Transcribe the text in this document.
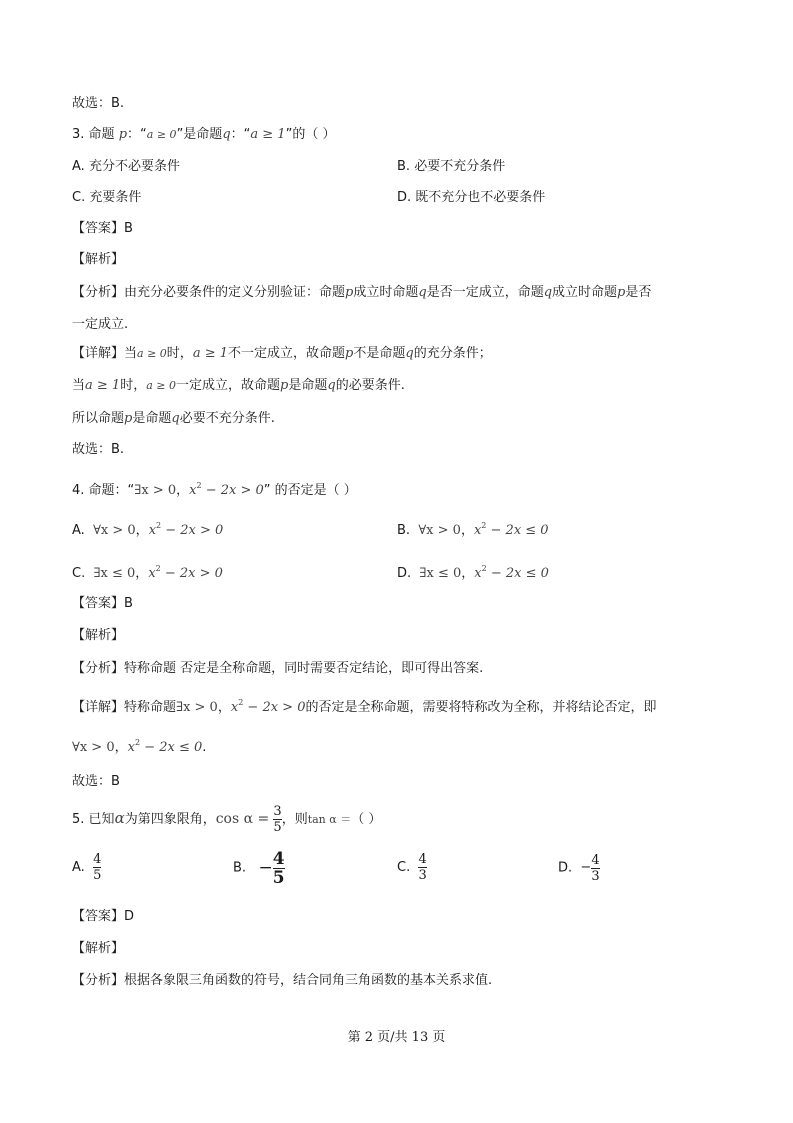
故选：B.
3. 命题 p：“a ≥ 0”是命题q：“a ≥ 1”的（ ）
A. 充分不必要条件	B. 必要不充分条件
C. 充要条件	D. 既不充分也不必要条件
【答案】B
【解析】
【分析】由充分必要条件的定义分别验证：命题p成立时命题q是否一定成立，命题q成立时命题p是否
一定成立.
【详解】当a ≥ 0时，a ≥ 1不一定成立，故命题p不是命题q的充分条件；
当a ≥ 1时，a ≥ 0一定成立，故命题p是命题q的必要条件.
所以命题p是命题q必要不充分条件.
故选：B.
4. 命题：“∃x > 0，$x^2 - 2x > 0$” 的否定是（ ）
A. ∀x > 0，$x^2 - 2x > 0$	B. ∀x > 0，$x^2 - 2x \le 0$
C. ∃x ≤ 0，$x^2 - 2x > 0$	D. ∃x ≤ 0，$x^2 - 2x \le 0$
【答案】B
【解析】
【分析】特称命题 否定是全称命题，同时需要否定结论，即可得出答案.
【详解】特称命题∃x > 0，$x^2 - 2x > 0$的否定是全称命题，需要将特称改为全称，并将结论否定，即
∀x > 0，$x^2 - 2x \le 0$.
故选：B
5. 已知α为第四象限角，$\cos \alpha = \frac{3}{5}$ ，则tan α ＝（ ）
A. $\frac{4}{5}$	B. − $\frac{4}{5}$	C. $\frac{4}{3}$	D. − $\frac{4}{3}$
【答案】D
【解析】
【分析】根据各象限三角函数的符号，结合同角三角函数的基本关系求值.
第 2 页/共 13 页
